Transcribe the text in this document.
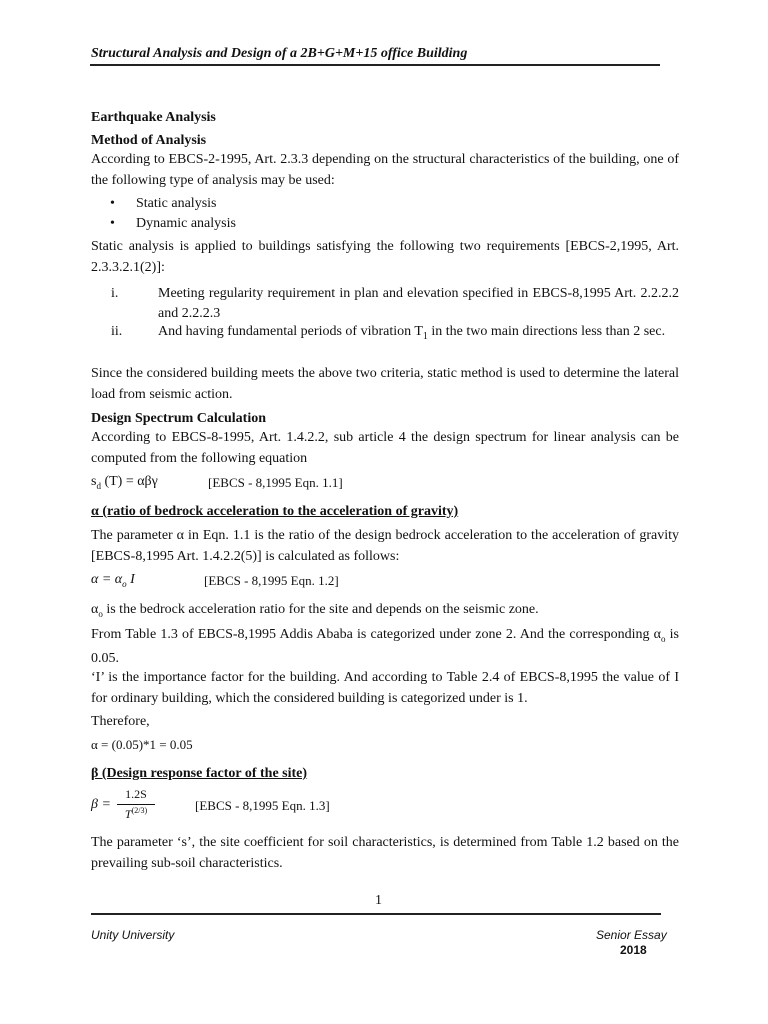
Structural Analysis and Design of a 2B+G+M+15 office Building
Earthquake Analysis
Method of Analysis
According to EBCS-2-1995, Art. 2.3.3 depending on the structural characteristics of the building, one of the following type of analysis may be used:
• Static analysis
• Dynamic analysis
Static analysis is applied to buildings satisfying the following two requirements [EBCS-2,1995, Art. 2.3.3.2.1(2)]:
i.	Meeting regularity requirement in plan and elevation specified in EBCS-8,1995 Art. 2.2.2.2 and 2.2.2.3
ii.	And having fundamental periods of vibration $T_1$ in the two main directions less than 2 sec.
Since the considered building meets the above two criteria, static method is used to determine the lateral load from seismic action.
Design Spectrum Calculation
According to EBCS-8-1995, Art. 1.4.2.2, sub article 4 the design spectrum for linear analysis can be computed from the following equation
$s_d$ (T) = αβγ	[EBCS - 8,1995 Eqn. 1.1]
α (ratio of bedrock acceleration to the acceleration of gravity)
The parameter α in Eqn. 1.1 is the ratio of the design bedrock acceleration to the acceleration of gravity [EBCS-8,1995 Art. 1.4.2.2(5)] is calculated as follows:
$\alpha = \alpha_o$ I	[EBCS - 8,1995 Eqn. 1.2]
$\alpha_o$ is the bedrock acceleration ratio for the site and depends on the seismic zone.
From Table 1.3 of EBCS-8,1995 Addis Ababa is categorized under zone 2. And the corresponding $\alpha_o$ is 0.05.
‘I’ is the importance factor for the building. And according to Table 2.4 of EBCS-8,1995 the value of I for ordinary building, which the considered building is categorized under is 1.
Therefore,
α = (0.05)*1 = 0.05
β (Design response factor of the site)
$\beta = \frac{1.2S}{T^{(2/3)}}$	[EBCS - 8,1995 Eqn. 1.3]
The parameter ‘s’, the site coefficient for soil characteristics, is determined from Table 1.2 based on the prevailing sub-soil characteristics.
1
Unity University	Senior Essay
2018
